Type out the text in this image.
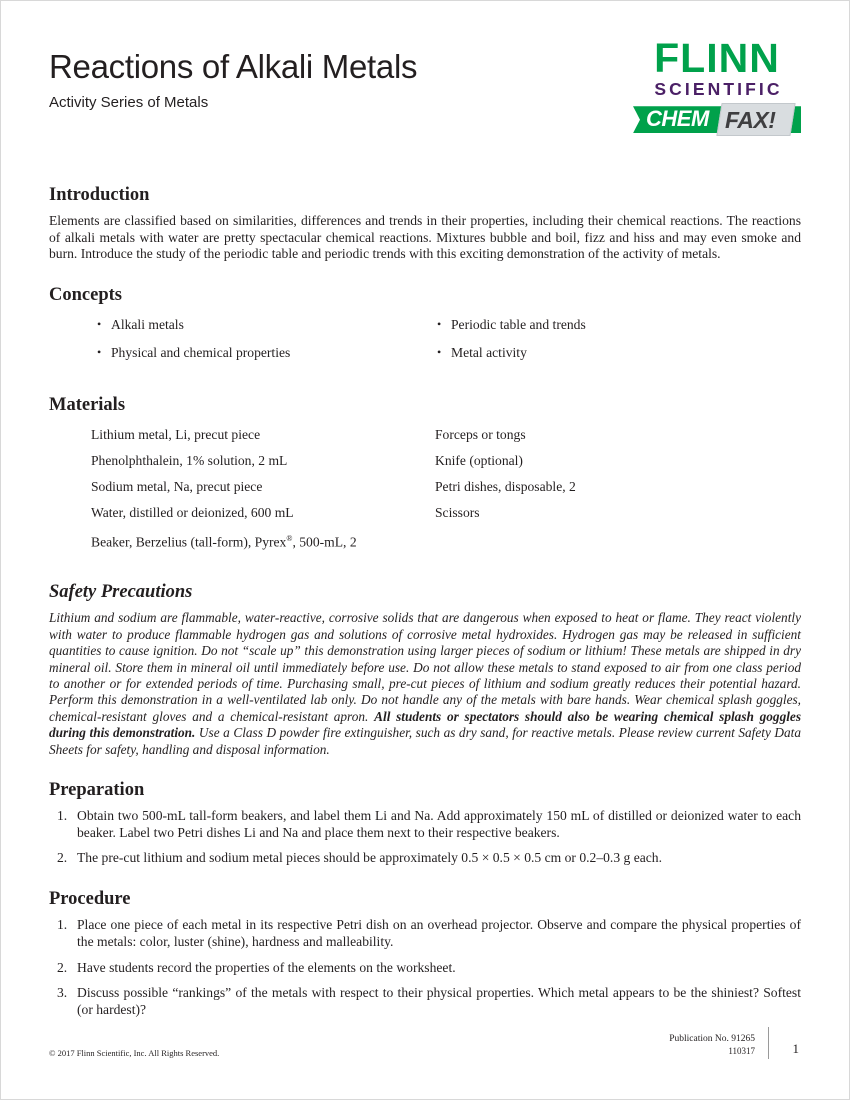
Reactions of Alkali Metals
Activity Series of Metals
FLINN
SCIENTIFIC
CHEM FAX!
Introduction

Elements are classified based on similarities, differences and trends in their properties, including their chemical reactions. The reactions of alkali metals with water are pretty spectacular chemical reactions. Mixtures bubble and boil, fizz and hiss and may even smoke and burn. Introduce the study of the periodic table and periodic trends with this exciting demonstration of the activity of metals.

Concepts
• Alkali metals
• Physical and chemical properties
• Periodic table and trends
• Metal activity
Materials
Lithium metal, Li, precut piece
Phenolphthalein, 1% solution, 2 mL
Sodium metal, Na, precut piece
Water, distilled or deionized, 600 mL
Beaker, Berzelius (tall-form), Pyrex®, 500-mL, 2
Forceps or tongs
Knife (optional)
Petri dishes, disposable, 2
Scissors
Safety Precautions

Lithium and sodium are flammable, water-reactive, corrosive solids that are dangerous when exposed to heat or flame. They react violently with water to produce flammable hydrogen gas and solutions of corrosive metal hydroxides. Hydrogen gas may be released in sufficient quantities to cause ignition. Do not “scale up” this demonstration using larger pieces of sodium or lithium! These metals are shipped in dry mineral oil. Store them in mineral oil until immediately before use. Do not allow these metals to stand exposed to air from one class period to another or for extended periods of time. Purchasing small, pre-cut pieces of lithium and sodium greatly reduces their potential hazard. Perform this demonstration in a well-ventilated lab only. Do not handle any of the metals with bare hands. Wear chemical splash goggles, chemical-resistant gloves and a chemical-resistant apron. All students or spectators should also be wearing chemical splash goggles during this demonstration. Use a Class D powder fire extinguisher, such as dry sand, for reactive metals. Please review current Safety Data Sheets for safety, handling and disposal information.

Preparation
Obtain two 500-mL tall-form beakers, and label them Li and Na. Add approximately 150 mL of distilled or deionized water to each beaker. Label two Petri dishes Li and Na and place them next to their respective beakers.
The pre-cut lithium and sodium metal pieces should be approximately 0.5 × 0.5 × 0.5 cm or 0.2–0.3 g each.
Procedure
Place one piece of each metal in its respective Petri dish on an overhead projector. Observe and compare the physical properties of the metals: color, luster (shine), hardness and malleability.
Have students record the properties of the elements on the worksheet.
Discuss possible “rankings” of the metals with respect to their physical properties. Which metal appears to be the shiniest? Softest (or hardest)?
© 2017 Flinn Scientific, Inc. All Rights Reserved.
Publication No. 91265
110317	1
